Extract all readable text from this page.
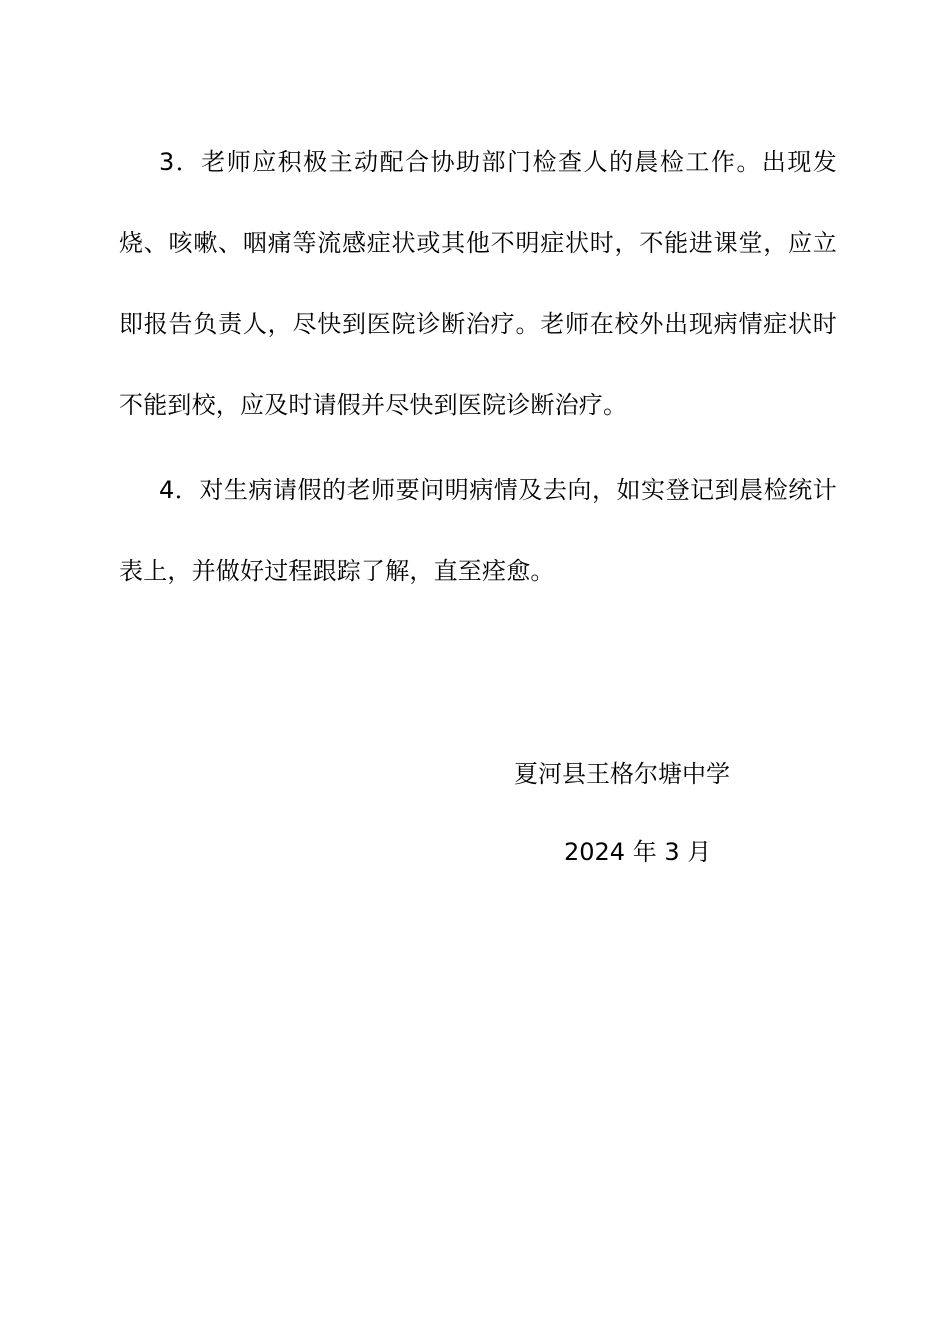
3．老师应积极主动配合协助部门检查人的晨检工作。出现发烧、咳嗽、咽痛等流感症状或其他不明症状时，不能进课堂，应立即报告负责人，尽快到医院诊断治疗。老师在校外出现病情症状时不能到校，应及时请假并尽快到医院诊断治疗。

4．对生病请假的老师要问明病情及去向，如实登记到晨检统计表上，并做好过程跟踪了解，直至痊愈。

夏河县王格尔塘中学
2024 年 3 月
